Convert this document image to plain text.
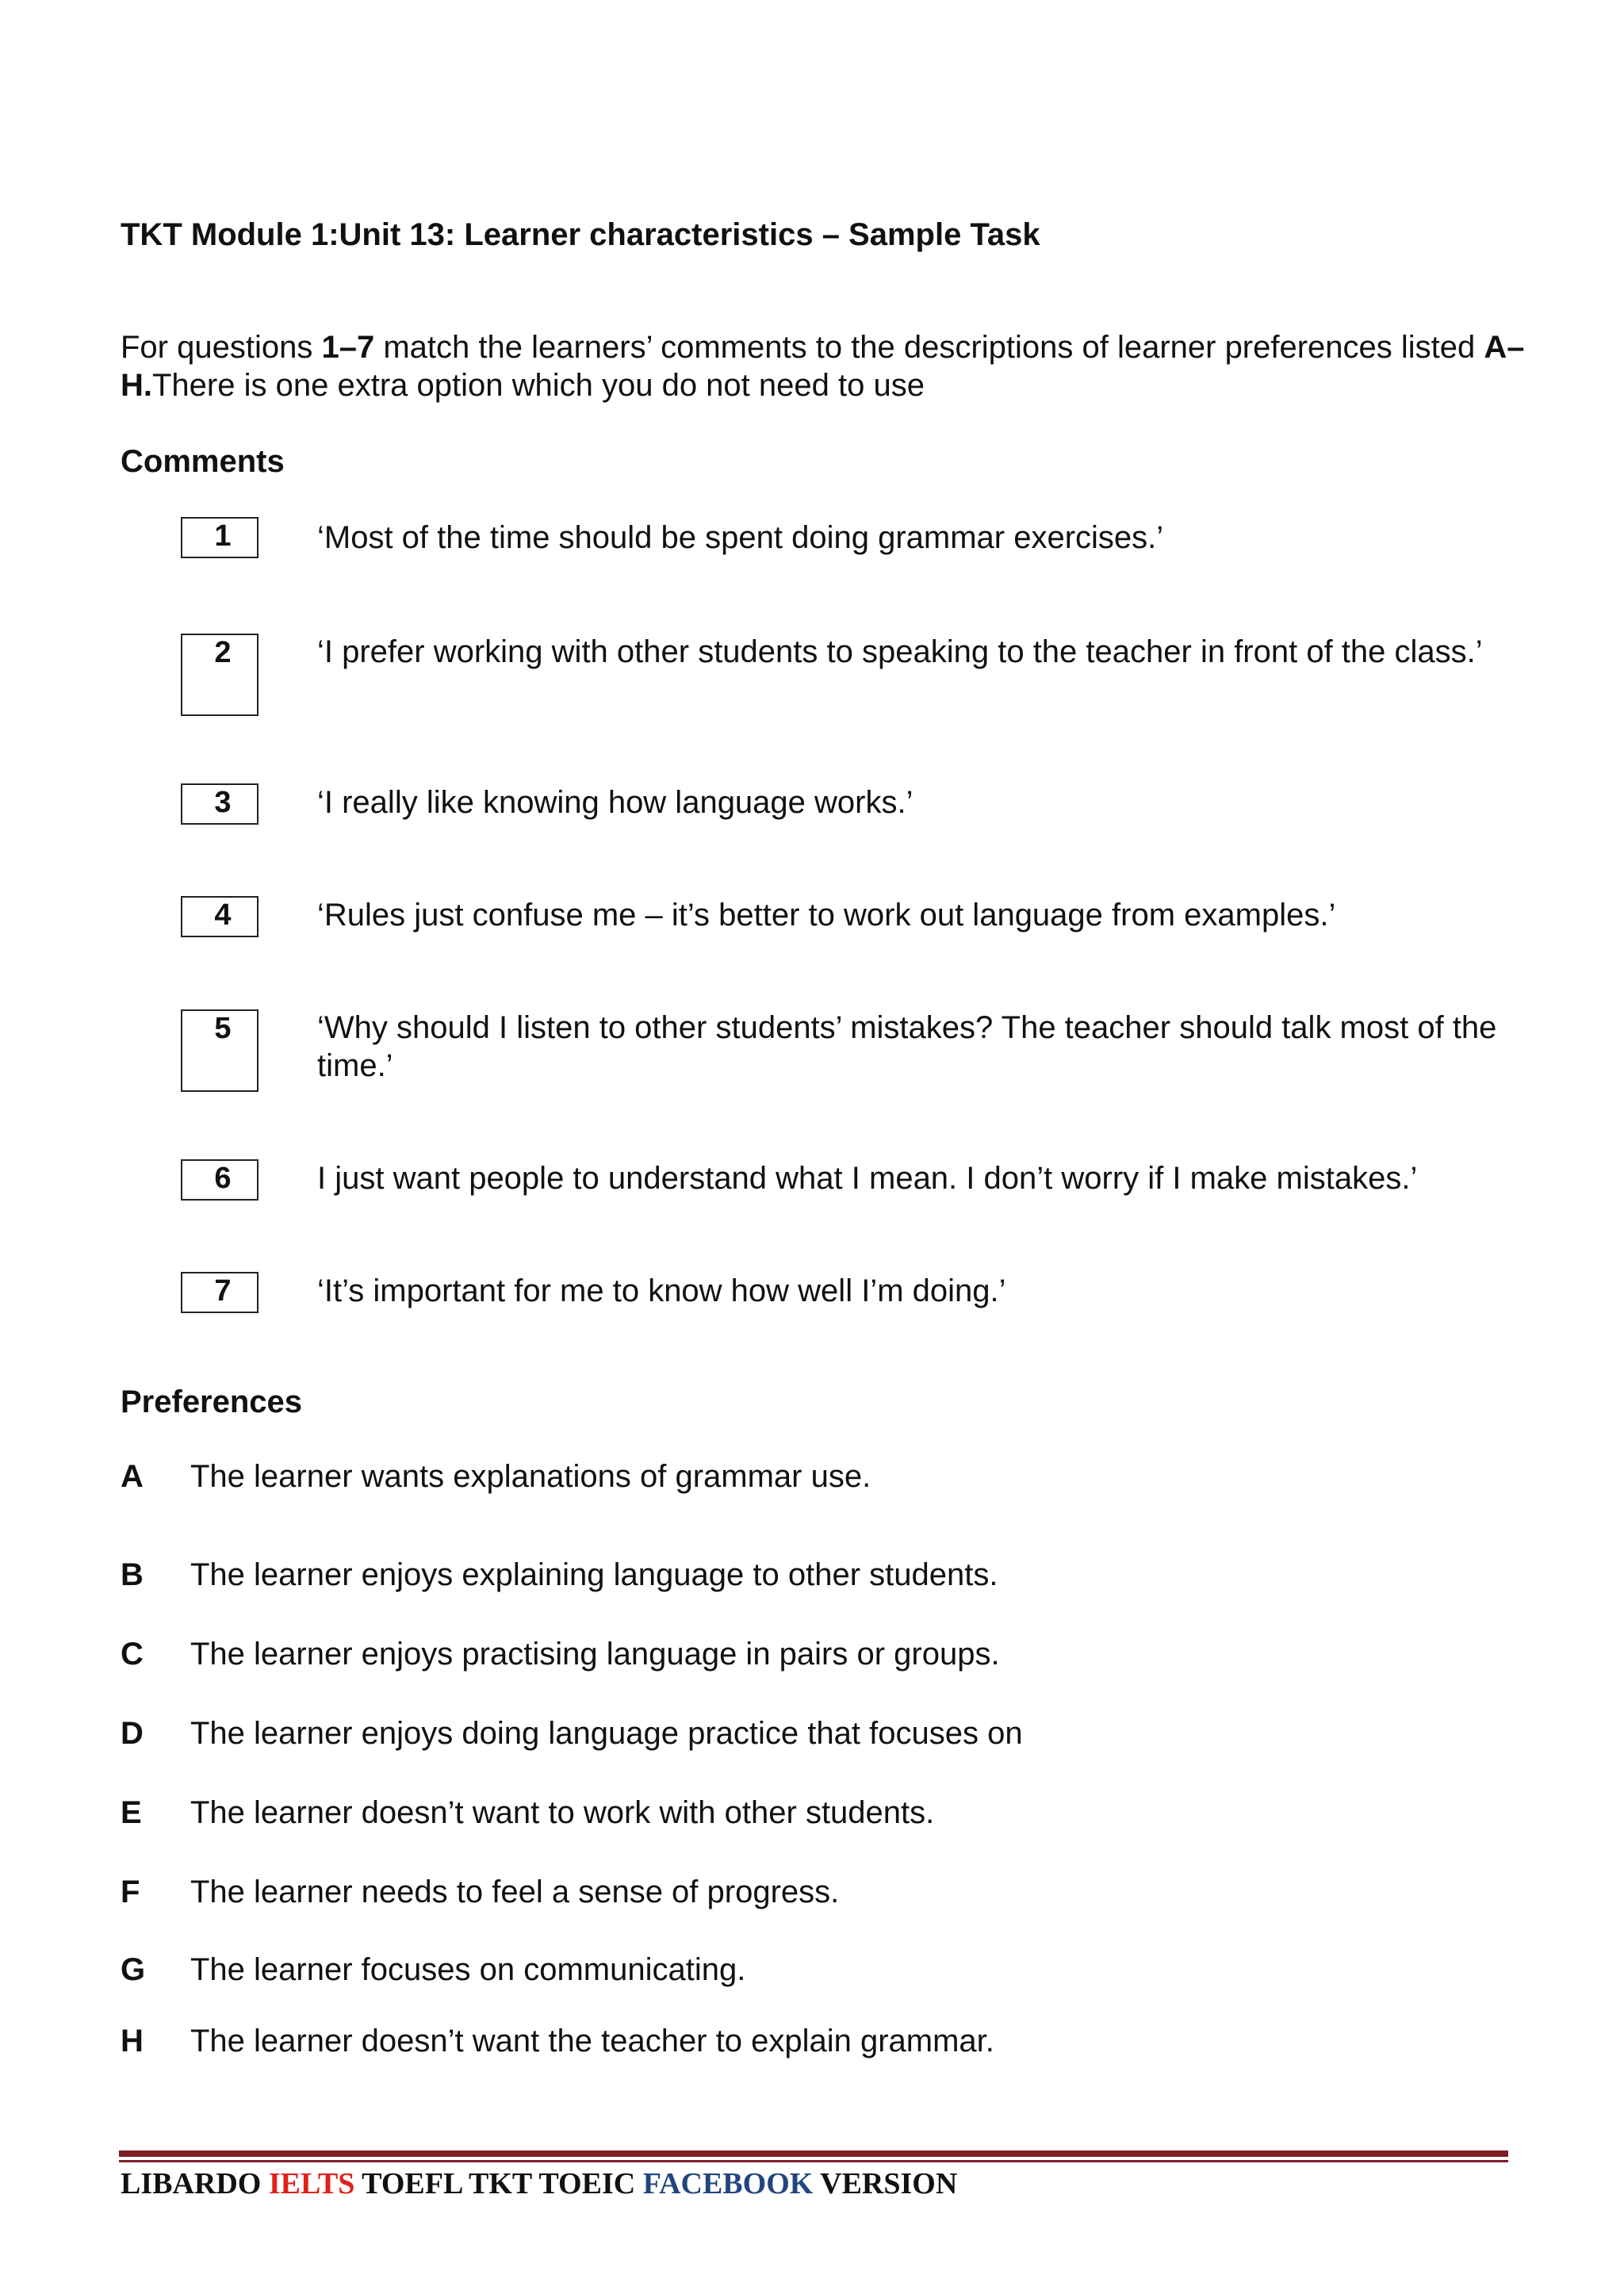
TKT Module 1:Unit 13: Learner characteristics – Sample Task
For questions 1–7 match the learners’ comments to the descriptions of learner preferences listed A–H.There is one extra option which you do not need to use
Comments
1	‘Most of the time should be spent doing grammar exercises.’
2	‘I prefer working with other students to speaking to the teacher in front of the class.’
3	‘I really like knowing how language works.’
4	‘Rules just confuse me – it’s better to work out language from examples.’
5	‘Why should I listen to other students’ mistakes? The teacher should talk most of the time.’
6	I just want people to understand what I mean. I don’t worry if I make mistakes.’
7	‘It’s important for me to know how well I’m doing.’
Preferences
A The learner wants explanations of grammar use.
B The learner enjoys explaining language to other students.
C The learner enjoys practising language in pairs or groups.
D The learner enjoys doing language practice that focuses on
E The learner doesn’t want to work with other students.
F The learner needs to feel a sense of progress.
G The learner focuses on communicating.
H The learner doesn’t want the teacher to explain grammar.
LIBARDO IELTS TOEFL TKT TOEIC FACEBOOK VERSION
